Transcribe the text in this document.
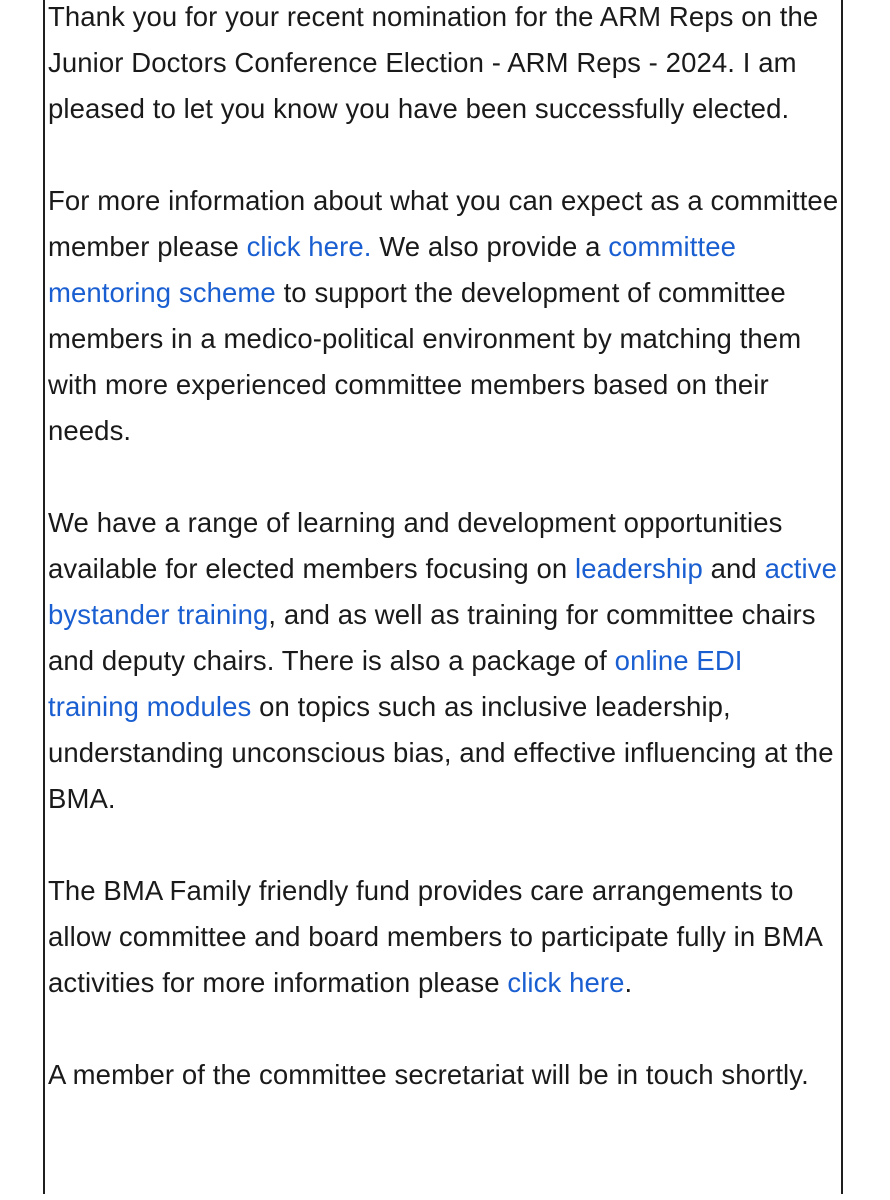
Thank you for your recent nomination for the ARM Reps on the Junior Doctors Conference Election - ARM Reps - 2024. I am pleased to let you know you have been successfully elected.

For more information about what you can expect as a committee member please click here. We also provide a committee mentoring scheme to support the development of committee members in a medico-political environment by matching them with more experienced committee members based on their needs.

We have a range of learning and development opportunities available for elected members focusing on leadership and active bystander training, and as well as training for committee chairs and deputy chairs. There is also a package of online EDI training modules on topics such as inclusive leadership, understanding unconscious bias, and effective influencing at the BMA.

The BMA Family friendly fund provides care arrangements to allow committee and board members to participate fully in BMA activities for more information please click here.

A member of the committee secretariat will be in touch shortly.
